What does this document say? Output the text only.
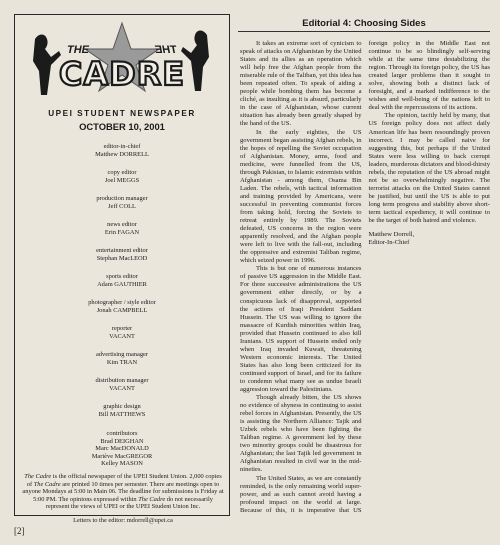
THE	THE
CADRE
UPEI STUDENT NEWSPAPER
OCTOBER 10, 2001
editor-in-chief
Matthew DORRELL
copy editor
Joel MEGGS
production manager
Jeff COLL
news editor
Erin FAGAN
entertainment editor
Stephan MacLEOD
sports editor
Adam GAUTHIER
photographer / style editor
Jonah CAMPBELL
reporter
VACANT
advertising manager
Kim TRAN
distribution manager
VACANT
graphic design
Bill MATTHEWS
contributors
Brad DEIGHAN
Marc MacDONALD
Mariève MacGREGOR
Kelley MASON

The Cadre is the official newspaper of the UPEI Student Union. 2,000 copies of The Cadre are printed 10 times per semester. There are meetings open to anyone Mondays at 5:00 in Main 06. The deadline for submissions is Friday at 5:00 PM. The opinions expressed within The Cadre do not necessarily represent the views of UPEI or the UPEI Student Union Inc.

Letters to the editor: mdorrell@upei.ca

[2]
Editorial 4: Choosing Sides

It takes an extreme sort of cynicism to speak of attacks on Afghanistan by the United States and its allies as an operation which will help free the Afghan people from the miserable rule of the Taliban, yet this idea has been repeated often. To speak of aiding a people while bombing them has become a cliché, as insulting as it is absurd, particularly in the case of Afghanistan, whose current situation has already been greatly shaped by the hand of the US.

In the early eighties, the US government began assisting Afghan rebels, in the hopes of repelling the Soviet occupation of Afghanistan. Money, arms, food and medicine, were funnelled from the US, through Pakistan, to Islamic extremists within Afghanistan - among them, Osama Bin Laden. The rebels, with tactical information and training provided by Americans, were successful in preventing communist forces from taking hold, forcing the Soviets to retreat entirely by 1989. The Soviets defeated, US concerns in the region were apparently resolved, and the Afghan people were left to live with the fall-out, including the oppressive and extremist Taliban regime, which seized power in 1996.

This is but one of numerous instances of passive US aggression in the Middle East. For three successive administrations the US government either directly, or by a conspicuous lack of disapproval, supported the actions of Iraqi President Saddam Hussein. The US was willing to ignore the massacre of Kurdish minorities within Iraq, provided that Hussein continued to also kill Iranians. US support of Hussein ended only when Iraq invaded Kuwait, threatening Western economic interests. The United States has also long been criticized for its continued support of Israel, and for its failure to condemn what many see as undue Israeli aggression toward the Palestinians.

Though already bitten, the US shows no evidence of shyness in continuing to assist rebel forces in Afghanistan. Presently, the US is assisting the Northern Alliance: Tajik and Uzbek rebels who have been fighting the Taliban regime. A government led by these two minority groups could be disastrous for Afghanistan; the last Tajik led government in Afghanistan resulted in civil war in the mid-nineties.

The United States, as we are constantly reminded, is the only remaining world super-power, and as such cannot avoid having a profound impact on the world at large. Because of this, it is imperative that US foreign policy in the Middle East not continue to be so blindingly self-serving while at the same time destabilizing the region. Through its foreign policy, the US has created larger problems than it sought to solve, showing both a distinct lack of foresight, and a marked indifference to the wishes and well-being of the nations left to deal with the repercussions of its actions.

The opinion, tacitly held by many, that US foreign policy does not affect daily American life has been resoundingly proven incorrect. I may be called naive for suggesting this, but perhaps if the United States were less willing to back corrupt leaders, murderous dictators and blood-thirsty rebels, the reputation of the US abroad might not be so overwhelmingly negative. The terrorist attacks on the United States cannot be justified, but until the US is able to put long term progress and stability above short-term tactical expediency, it will continue to be the target of both hatred and violence.

Matthew Dorrell,
Editor-In-Chief
